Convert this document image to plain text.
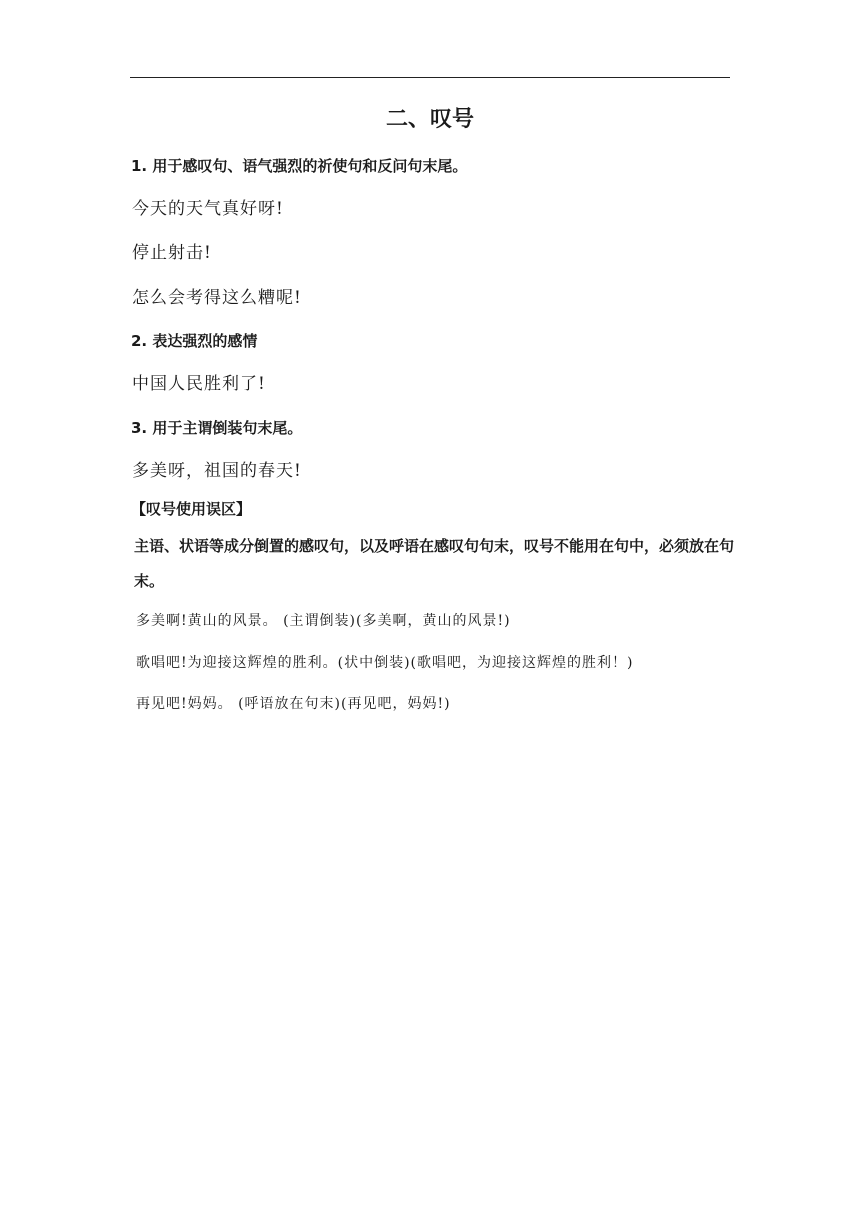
二、叹号
1. 用于感叹句、语气强烈的祈使句和反问句末尾。
今天的天气真好呀!
停止射击!
怎么会考得这么糟呢!
2. 表达强烈的感情
中国人民胜利了!
3. 用于主谓倒装句末尾。
多美呀，祖国的春天!
【叹号使用误区】
主语、状语等成分倒置的感叹句，以及呼语在感叹句句末，叹号不能用在句中，必须放在句末。
多美啊!黄山的风景。 (主谓倒装)(多美啊，黄山的风景!)
歌唱吧!为迎接这辉煌的胜利。(状中倒装)(歌唱吧，为迎接这辉煌的胜利！)
再见吧!妈妈。 (呼语放在句末)(再见吧，妈妈!)
